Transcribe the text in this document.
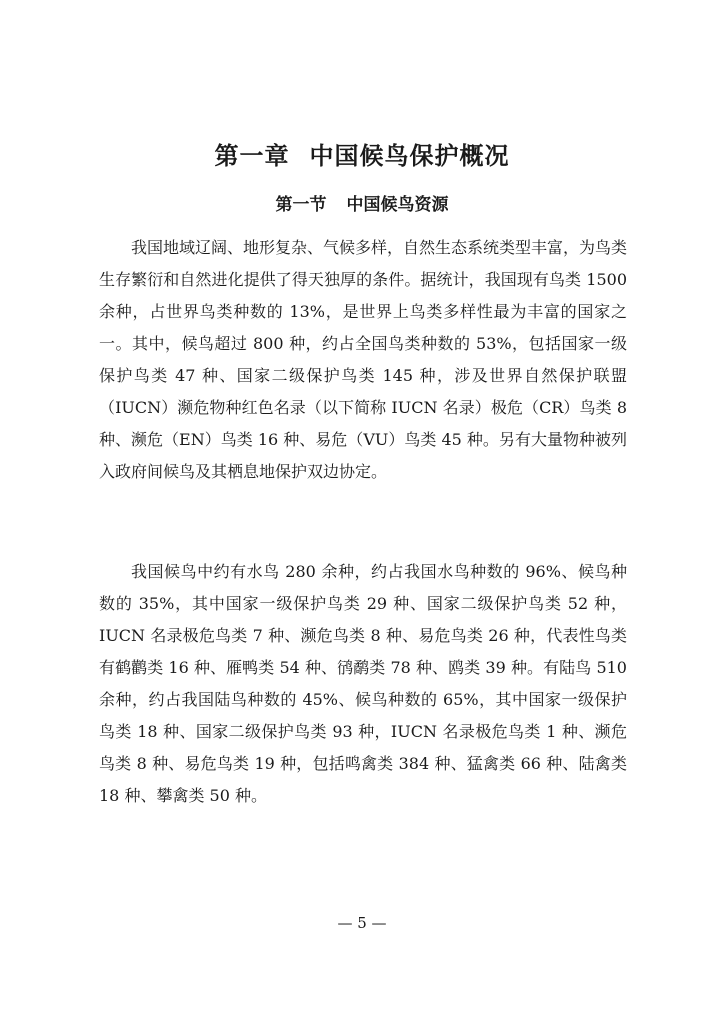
第一章 中国候鸟保护概况
第一节 中国候鸟资源

我国地域辽阔、地形复杂、气候多样，自然生态系统类型丰富，为鸟类生存繁衍和自然进化提供了得天独厚的条件。据统计，我国现有鸟类 1500 余种，占世界鸟类种数的 13%，是世界上鸟类多样性最为丰富的国家之一。其中，候鸟超过 800 种，约占全国鸟类种数的 53%，包括国家一级保护鸟类 47 种、国家二级保护鸟类 145 种，涉及世界自然保护联盟（IUCN）濒危物种红色名录（以下简称 IUCN 名录）极危（CR）鸟类 8 种、濒危（EN）鸟类 16 种、易危（VU）鸟类 45 种。另有大量物种被列入政府间候鸟及其栖息地保护双边协定。

我国候鸟中约有水鸟 280 余种，约占我国水鸟种数的 96%、候鸟种数的 35%，其中国家一级保护鸟类 29 种、国家二级保护鸟类 52 种，IUCN 名录极危鸟类 7 种、濒危鸟类 8 种、易危鸟类 26 种，代表性鸟类有鹤鹳类 16 种、雁鸭类 54 种、鸻鹬类 78 种、鸥类 39 种。有陆鸟 510 余种，约占我国陆鸟种数的 45%、候鸟种数的 65%，其中国家一级保护鸟类 18 种、国家二级保护鸟类 93 种，IUCN 名录极危鸟类 1 种、濒危鸟类 8 种、易危鸟类 19 种，包括鸣禽类 384 种、猛禽类 66 种、陆禽类 18 种、攀禽类 50 种。

— 5 —
